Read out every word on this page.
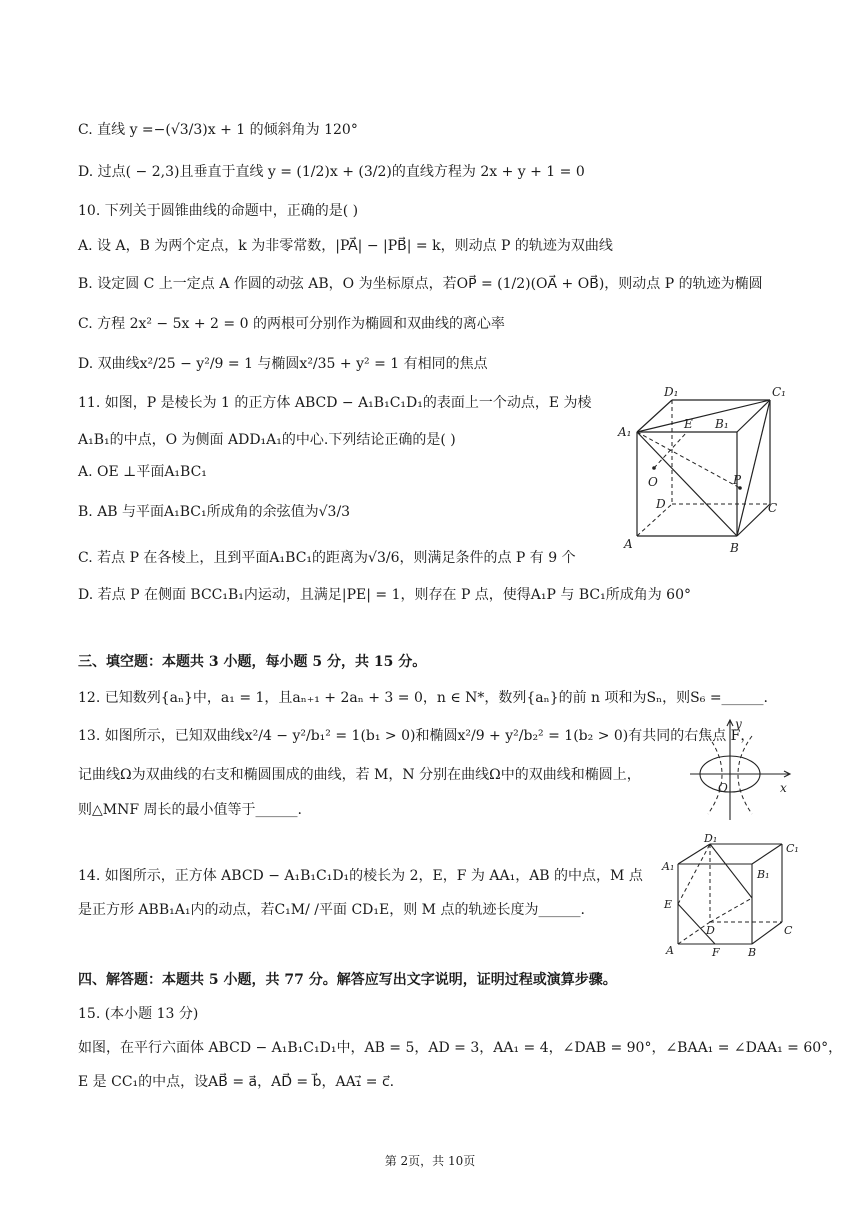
C. 直线 y =−(√3/3)x + 1 的倾斜角为 120°
D. 过点( − 2,3)且垂直于直线 y = (1/2)x + (3/2)的直线方程为 2x + y + 1 = 0
10. 下列关于圆锥曲线的命题中，正确的是( )
A. 设 A，B 为两个定点，k 为非零常数，|PA⃗| − |PB⃗| = k，则动点 P 的轨迹为双曲线
B. 设定圆 C 上一定点 A 作圆的动弦 AB，O 为坐标原点，若OP⃗ = (1/2)(OA⃗ + OB⃗)，则动点 P 的轨迹为椭圆
C. 方程 2x² − 5x + 2 = 0 的两根可分别作为椭圆和双曲线的离心率
D. 双曲线x²/25 − y²/9 = 1 与椭圆x²/35 + y² = 1 有相同的焦点
11. 如图，P 是棱长为 1 的正方体 ABCD − A₁B₁C₁D₁的表面上一个动点，E 为棱
A₁B₁的中点，O 为侧面 ADD₁A₁的中心.下列结论正确的是( )
A. OE ⊥平面A₁BC₁
B. AB 与平面A₁BC₁所成角的余弦值为√3/3
C. 若点 P 在各棱上，且到平面A₁BC₁的距离为√3/6，则满足条件的点 P 有 9 个
D. 若点 P 在侧面 BCC₁B₁内运动，且满足|PE| = 1，则存在 P 点，使得A₁P 与 BC₁所成角为 60°
三、填空题：本题共 3 小题，每小题 5 分，共 15 分。
12. 已知数列{aₙ}中，a₁ = 1，且aₙ₊₁ + 2aₙ + 3 = 0，n ∈ N*，数列{aₙ}的前 n 项和为Sₙ，则S₆ =______.
13. 如图所示，已知双曲线x²/4 − y²/b₁² = 1(b₁ > 0)和椭圆x²/9 + y²/b₂² = 1(b₂ > 0)有共同的右焦点 F，
记曲线Ω为双曲线的右支和椭圆围成的曲线，若 M，N 分别在曲线Ω中的双曲线和椭圆上，
则△MNF 周长的最小值等于______.
14. 如图所示，正方体 ABCD − A₁B₁C₁D₁的棱长为 2，E，F 为 AA₁，AB 的中点，M 点
是正方形 ABB₁A₁内的动点，若C₁M/ /平面 CD₁E，则 M 点的轨迹长度为______.
四、解答题：本题共 5 小题，共 77 分。解答应写出文字说明，证明过程或演算步骤。
15. (本小题 13 分)
如图，在平行六面体 ABCD − A₁B₁C₁D₁中，AB = 5，AD = 3，AA₁ = 4，∠DAB = 90°，∠BAA₁ = ∠DAA₁ = 60°，
E 是 CC₁的中点，设AB⃗ = a⃗，AD⃗ = b⃗，AA₁⃗ = c⃗.
第 2页，共 10页
D₁	C₁
A₁
E B₁
O	P
D	C
A	B
y
O	x
D₁
C₁
A₁
B₁
E
D	C
A	F	B
